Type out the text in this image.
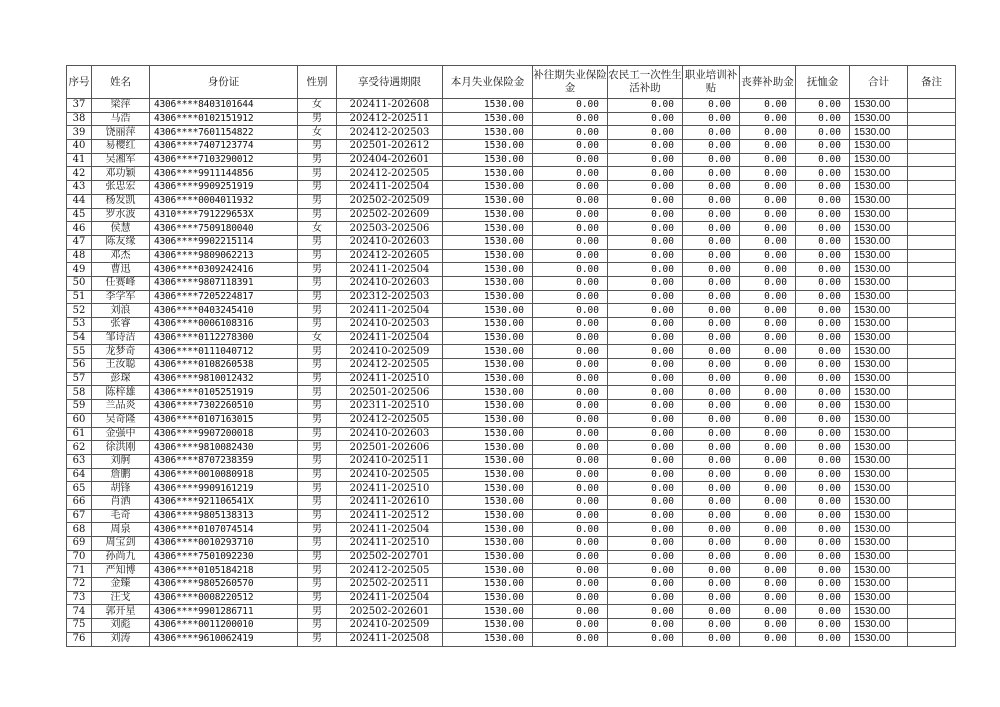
序号	姓名	身份证	性别	享受待遇期限	本月失业保险金	补往期失业保险金	农民工一次性生活补助	职业培训补贴	丧葬补助金	抚恤金	合计	备注
37	梁萍	4306****8403101644	女	202411-202608	1530.00	0.00	0.00	0.00	0.00	0.00	1530.00	
38	马浩	4306****0102151912	男	202412-202511	1530.00	0.00	0.00	0.00	0.00	0.00	1530.00	
39	饶丽萍	4306****7601154822	女	202412-202503	1530.00	0.00	0.00	0.00	0.00	0.00	1530.00	
40	易樱红	4306****7407123774	男	202501-202612	1530.00	0.00	0.00	0.00	0.00	0.00	1530.00	
41	吴湘军	4306****7103290012	男	202404-202601	1530.00	0.00	0.00	0.00	0.00	0.00	1530.00	
42	邓功颖	4306****9911144856	男	202412-202505	1530.00	0.00	0.00	0.00	0.00	0.00	1530.00	
43	张忠宏	4306****9909251919	男	202411-202504	1530.00	0.00	0.00	0.00	0.00	0.00	1530.00	
44	杨发凯	4306****0004011932	男	202502-202509	1530.00	0.00	0.00	0.00	0.00	0.00	1530.00	
45	罗水波	4310****791229653X	男	202502-202609	1530.00	0.00	0.00	0.00	0.00	0.00	1530.00	
46	侯慧	4306****7509180040	女	202503-202506	1530.00	0.00	0.00	0.00	0.00	0.00	1530.00	
47	陈友缘	4306****9902215114	男	202410-202603	1530.00	0.00	0.00	0.00	0.00	0.00	1530.00	
48	邓杰	4306****9809062213	男	202412-202605	1530.00	0.00	0.00	0.00	0.00	0.00	1530.00	
49	曹迅	4306****0309242416	男	202411-202504	1530.00	0.00	0.00	0.00	0.00	0.00	1530.00	
50	任赛峰	4306****9807118391	男	202410-202603	1530.00	0.00	0.00	0.00	0.00	0.00	1530.00	
51	李学军	4306****7205224817	男	202312-202503	1530.00	0.00	0.00	0.00	0.00	0.00	1530.00	
52	刘浪	4306****0403245410	男	202411-202504	1530.00	0.00	0.00	0.00	0.00	0.00	1530.00	
53	张睿	4306****0006108316	男	202410-202503	1530.00	0.00	0.00	0.00	0.00	0.00	1530.00	
54	邹诗洁	4306****0112278300	女	202411-202504	1530.00	0.00	0.00	0.00	0.00	0.00	1530.00	
55	龙梦奇	4306****0111040712	男	202410-202509	1530.00	0.00	0.00	0.00	0.00	0.00	1530.00	
56	王汝聪	4306****0108260538	男	202412-202505	1530.00	0.00	0.00	0.00	0.00	0.00	1530.00	
57	彭琛	4306****9810012432	男	202411-202510	1530.00	0.00	0.00	0.00	0.00	0.00	1530.00	
58	陈梓雄	4306****0105251919	男	202501-202506	1530.00	0.00	0.00	0.00	0.00	0.00	1530.00	
59	兰品炎	4306****7302260510	男	202311-202510	1530.00	0.00	0.00	0.00	0.00	0.00	1530.00	
60	吴奇隆	4306****0107163015	男	202412-202505	1530.00	0.00	0.00	0.00	0.00	0.00	1530.00	
61	金强中	4306****9907200018	男	202410-202603	1530.00	0.00	0.00	0.00	0.00	0.00	1530.00	
62	徐洪刚	4306****9810082430	男	202501-202606	1530.00	0.00	0.00	0.00	0.00	0.00	1530.00	
63	刘舸	4306****8707238359	男	202410-202511	1530.00	0.00	0.00	0.00	0.00	0.00	1530.00	
64	詹鹏	4306****0010080918	男	202410-202505	1530.00	0.00	0.00	0.00	0.00	0.00	1530.00	
65	胡锋	4306****9909161219	男	202411-202510	1530.00	0.00	0.00	0.00	0.00	0.00	1530.00	
66	肖洒	4306****921106541X	男	202411-202610	1530.00	0.00	0.00	0.00	0.00	0.00	1530.00	
67	毛奇	4306****9805138313	男	202411-202512	1530.00	0.00	0.00	0.00	0.00	0.00	1530.00	
68	周泉	4306****0107074514	男	202411-202504	1530.00	0.00	0.00	0.00	0.00	0.00	1530.00	
69	周宝剑	4306****0010293710	男	202411-202510	1530.00	0.00	0.00	0.00	0.00	0.00	1530.00	
70	孙尚九	4306****7501092230	男	202502-202701	1530.00	0.00	0.00	0.00	0.00	0.00	1530.00	
71	严知博	4306****0105184218	男	202412-202505	1530.00	0.00	0.00	0.00	0.00	0.00	1530.00	
72	金臻	4306****9805260570	男	202502-202511	1530.00	0.00	0.00	0.00	0.00	0.00	1530.00	
73	汪戈	4306****0008220512	男	202411-202504	1530.00	0.00	0.00	0.00	0.00	0.00	1530.00	
74	郭开星	4306****9901286711	男	202502-202601	1530.00	0.00	0.00	0.00	0.00	0.00	1530.00	
75	刘彪	4306****0011200010	男	202410-202509	1530.00	0.00	0.00	0.00	0.00	0.00	1530.00	
76	刘涛	4306****9610062419	男	202411-202508	1530.00	0.00	0.00	0.00	0.00	0.00	1530.00	
